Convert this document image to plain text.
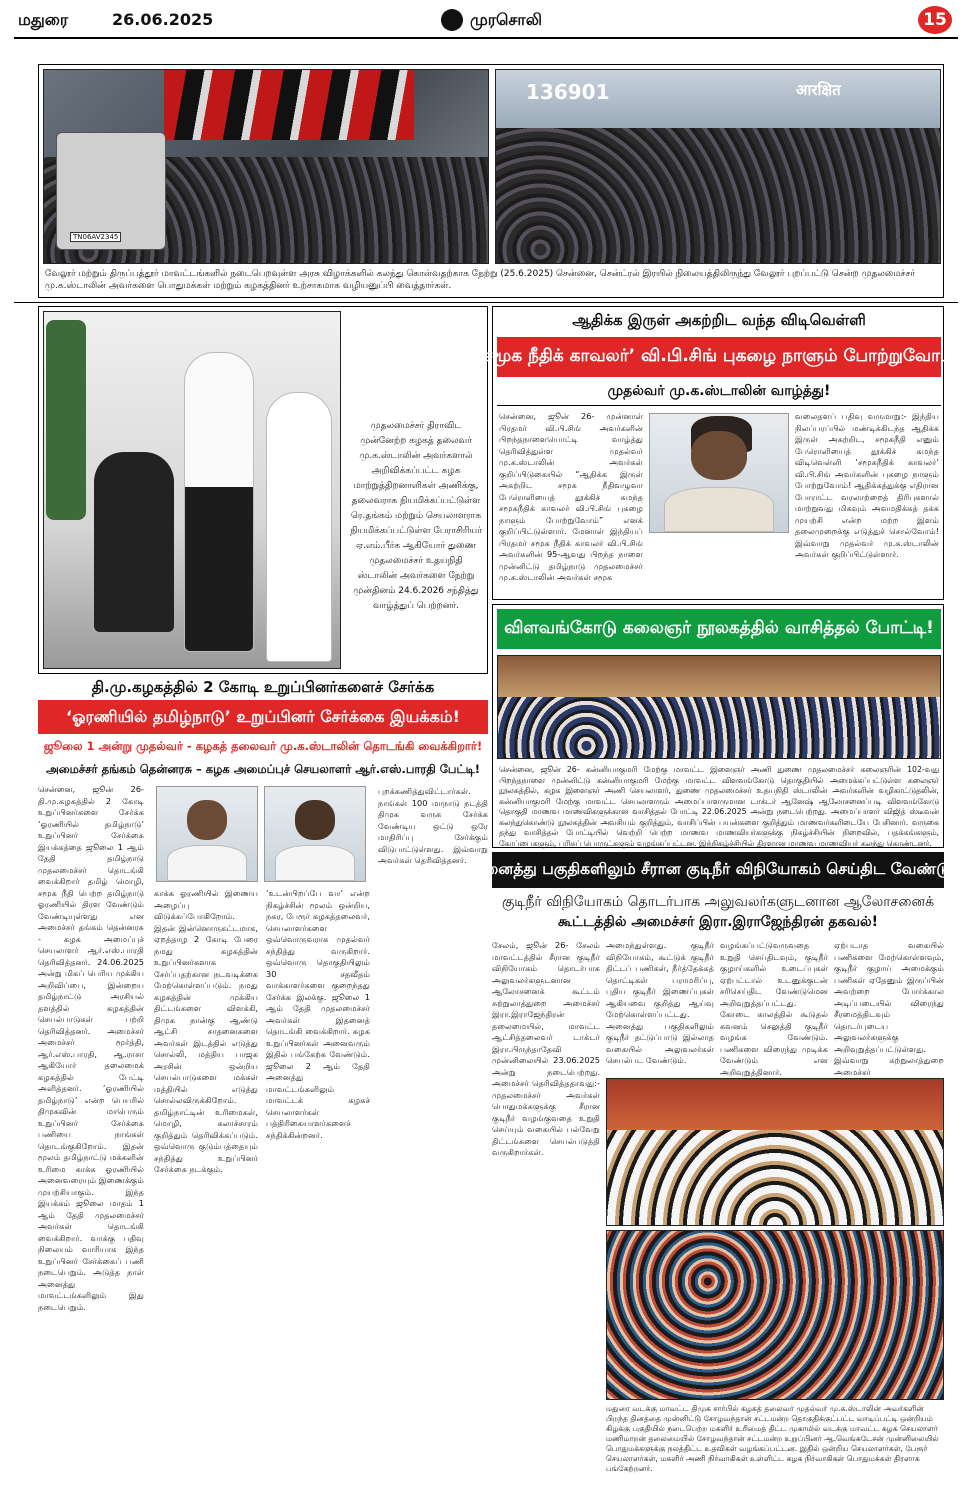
மதுரை	26.06.2025	முரசொலி	15
TN06AV2345
136901	आरक्षित

வேலூர் மற்றும் திருப்பத்தூர் மாவட்டங்களில் நடைபெறவுள்ள அரசு விழாக்களில் கலந்து கொள்வதற்காக நேற்று (25.6.2025) சென்னை, சென்ட்ரல் இரயில் நிலையத்திலிருந்து வேலூர் புறப்பட்டு சென்ற முதலமைச்சர் மு.க.ஸ்டாலின் அவர்களை பொதுமக்கள் மற்றும் கழகத்தினர் உற்சாகமாக வழியனுப்பி வைத்தார்கள்.

முதலமைச்சர் திராவிட முன்னேற்ற கழகத் தலைவர் மு.க.ஸ்டாலின் அவர்களால் அறிவிக்கப்பட்ட கழக மாற்றுத்திறனாளிகள் அணிக்கு, தலைவராக நியமிக்கப்பட்டுள்ள ரெ.தங்கம் மற்றும் செயலாளராக நியமிக்கப்பட்டுள்ள பேராசிரியர் ஏ.எம்.பீர்க ஆகியோர் துணை முதலமைச்சர் உதயநிதி ஸ்டாலின் அவர்களை நேற்று முன்தினம் 24.6.2026 சந்தித்து வாழ்த்துப் பெற்றனர்.

ஆதிக்க இருள் அகற்றிட வந்த விடிவெள்ளி
‘சமூக நீதிக் காவலர்’ வி.பி.சிங் புகழை நாளும் போற்றுவோம்!
முதல்வர் மு.க.ஸ்டாலின் வாழ்த்து!

சென்னை, ஜூன் 26- முன்னாள் பிரதமர் வி.பி.சிங் அவர்களின் பிறந்தநாளையொட்டி வாழ்த்து தெரிவித்துள்ள முதல்வர் மு.க.ஸ்டாலின் அவர்கள் குறிப்பிடுகையில் “ஆதிக்க இருள் அகற்றிட சமூக நீதிவழுவா பேரொளியைத் தூக்கிச் சுமந்த சமூகநீதிக் காவலர் வி.பி.சிங் புகழை நாளும் போற்றுவோம்” எனக் குறிப்பிட்டுள்ளார். மேனாள் இந்தியப் பிரதமர் சமூக நீதிக் காவலர் வி.பி.சிங் அவர்களின் 95-ஆவது பிறந்த நாளை முன்னிட்டு தமிழ்நாடு முதலமைச்சர் மு.க.ஸ்டாலின் அவர்கள் சமூக

வலைதளப் பதிவு வருமாறு:- இந்திய நிலப்பரப்பில் மண்டிக்கிடந்த ஆதிக்க இருள் அகற்றிட, சமூகநீதி எனும் பேரொளியைத் தூக்கிச் சுமந்த விடிவெள்ளி ‘சமூகநீதிக் காவலர்’ வி.பி.சிங் அவர்களின் புகழை நாளும் போற்றுவோம்! ஆதிக்கத்துக்கு எதிரான போராட்ட வரலாற்றைத் திரிபுகளால் மாற்றுவது மிகவும் அவமதிக்கத் தக்க முயற்சி என்ற மற்ற இளம் தலைமுறைக்கு எடுத்துச் சொல்வோம்! இவ்வாறு முதல்வர் மு.க.ஸ்டாலின் அவர்கள் குறிப்பிட்டுள்ளார்.

விளவங்கோடு கலைஞர் நூலகத்தில் வாசித்தல் போட்டி!

சென்னை, ஜூன் 26- கன்னியாகுமரி மேற்கு மாவட்ட இளைஞர் அணி துணை முதலமைச்சர் கலைஞரின் 102-வது பிறந்தநாளை முன்னிட்டு கன்னியாகுமரி மேற்கு மாவட்ட விளவங்கோடு தொகுதியில் அமைக்கப்பட்டுள்ள கலைஞர் நூலகத்தில், கழக இளைஞர் அணி செயலாளர், துணை முதலமைச்சர் உதயநிதி ஸ்டாலின் அவர்களின் வழிகாட்டுதலின், கன்னியாகுமரி மேற்கு மாவட்ட செயலாளரும் அமைப்பாளருமான டாக்டர் ஆனேஷ் ஆலோசனைப்படி விளவங்கோடு தொகுதி மாணவ மாணவிகளுக்கான வாசித்தல் போட்டி 22.06.2025 அன்று நடைபெற்றது. அமைப்பாளர் விஜித் ஸ்டீவன் கலந்துகொண்டு நூலகத்தின் அவசியம் குறித்தும், வாசிப்பின் பயன்களை குறித்தும் மாணவர்களிடையே பேசினார். வருகை தந்து வாசித்தல் போட்டியில் வெற்றி பெற்ற மாணவ மாணவியர்களுக்கு நிகழ்ச்சியின் நிறைவில், பதக்கங்களும், கோப்பைகளும், பரிசுப் பொருட்களும் வழங்கப்பட்டன. இந்நிகழ்ச்சியில் திரளான மாணவ மாணவியர் கலந்து கொண்டனர்.

தி.மு.கழகத்தில் 2 கோடி உறுப்பினர்களைச் சேர்க்க
‘ஓரணியில் தமிழ்நாடு’ உறுப்பினர் சேர்க்கை இயக்கம்!
ஜூலை 1 அன்று முதல்வர் - கழகத் தலைவர் மு.க.ஸ்டாலின் தொடங்கி வைக்கிறார்!
அமைச்சர் தங்கம் தென்னரசு – கழக அமைப்புச் செயலாளர் ஆர்.எஸ்.பாரதி பேட்டி!

சென்னை, ஜூன் 26- தி.மு.கழகத்தில் 2 கோடி உறுப்பினர்களை சேர்க்க ‘ஓரணியில் தமிழ்நாடு’ உறுப்பினர் சேர்க்கை இயக்கத்தை ஜூலை 1 ஆம் தேதி தமிழ்நாடு முதலமைச்சர் தொடங்கி வைக்கிறார் தமிழ் மொழி, சமூக நீதி பெற்ற தமிழ்நாடு ஓரணியில் திரள வேண்டும் வேண்டியுள்ளது என அமைச்சர் தங்கம் தென்னரசு - கழக அமைப்புச் செயலாளர் ஆர்.எஸ்.பாரதி தெரிவித்தனர். 24.06.2025 அன்று மிகப் பெரிய முக்கிய அறிவிப்பை, இன்றைய தமிழ்நாட்டு அரசியல் தளத்தில் கழகத்தின் செயல்பாடுகள் பற்றி தெரிவித்தனர். அமைச்சர் அமைச்சர் மூர்த்தி, ஆர்.எஸ்.பாரதி, ஆ.ராசா ஆகியோர் தலைமைக் கழகத்தில் பேட்டி அளித்தனர். ‘ஓரணியில் தமிழ்நாடு’ என்ற பெயரில் திமுகவின் மாபெரும் உறுப்பினர் சேர்க்கை பணியை நாங்கள் தொடங்குகிறோம். இதன் மூலம் தமிழ்நாட்டு மக்களின் உரிமை காக்க ஓரணியில் அனைவரையும் இணைக்கும் முயற்சியாகும். இந்த இயக்கம் ஜூலை மாதம் 1 ஆம் தேதி முதலமைச்சர் அவர்கள் தொடங்கி வைக்கிறார். வாக்கு பதிவு நிலையம் வாரியாக இந்த உறுப்பினர் சேர்க்கைப் பணி நடைபெறும். அடுத்த நாள் அனைத்து மாவட்டங்களிலும் இது நடைபெறும்.

காக்க ஓரணியில் இணைய அழைப்பு விடுக்கப்போகிறோம். இதன் இன்னொருகட்டமாக, ஏறத்தாழ 2 கோடி பேரை நமது கழகத்தின் உறுப்பினர்களாக சேர்ப்பதற்கான நடவடிக்கை மேற்கொள்ளப்படும். நமது கழகத்தின் முக்கிய திட்டங்களை விளக்கி, திமுக நான்கு ஆண்டு ஆட்சி சாதனைகளை அவர்கள் இடத்தில் எடுத்து சொல்லி, மத்திய பாஜக அரசின் ஒன்றிய செயல்பாடுகளை மக்கள் மத்தியில் எடுத்து சொல்லவிருக்கிறோம். தமிழ்நாட்டின் உரிமைகள், மொழி, கலாச்சாரம் குறித்தும் தெரிவிக்கப்படும். ஒவ்வொரு குடும்பத்தையும் சந்தித்து உறுப்பினர் சேர்க்கை நடக்கும்.

‘உடன்பிறப்பே வா’ என்ற நிகழ்ச்சின் மூலம் ஒன்றிய, நகர, பேரூர் கழகத்தலைவர், செயலாளர்களை ஒவ்வொருவராக முதல்வர் சந்தித்து வருகிறார். ஒவ்வொரு தொகுதியிலும் 30 சதவீதம் வாக்காளர்களை குறைந்தது சேர்க்க இலக்கு. ஜூலை 1 ஆம் தேதி முதலமைச்சர் அவர்கள் இதனைத் தொடங்கி வைக்கிறார். கழக உறுப்பினர்கள் அனைவரும் இதில் பங்கேற்க வேண்டும். ஜூலை 2 ஆம் தேதி அனைத்து மாவட்டங்களிலும் மாவட்டக் கழகச் செயலாளர்கள் பத்திரிகையாளர்களைச் சந்திக்கின்றனர்.

புறக்கணித்துவிட்டார்கள். நாங்கள் 100 மாநாடு நடத்தி திமுக வருக சேர்க்க வேண்டிய ஒட்டு ஒரே மாதிரிப்பு சேர்க்கும் விடுபாட்டுள்ளது. இவ்வாறு அவர்கள் தெரிவித்தனர். அனைத்து பகுதிகளிலும் சீரான குடிநீர் விநியோகம் செய்திட வேண்டும்!
குடிநீர் விநியோகம் தொடர்பாக அலுவலர்களுடனான ஆலோசனைக்
கூட்டத்தில் அமைச்சர் இரா.இராஜேந்திரன் தகவல்!

சேலம், ஜூன் 26- சேலம் மாவட்டத்தில் சீரான குடிநீர் விநியோகம் தொடர்பாக அலுவலர்களுடனான ஆலோசனைக் கூட்டம் சுற்றுலாத்துறை அமைச்சர் இரா.இராஜேந்திரன் தலைமையில், மாவட்ட ஆட்சித்தலைவர் டாக்டர் இரா.பிருந்தாதேவி முன்னிலையில் 23.06.2025 அன்று நடைபெற்றது. அமைச்சர் தெரிவித்ததாவது:- முதலமைச்சர் அவர்கள் பொதுமக்களுக்கு சீரான குடிநீர் வழங்குவதை உறுதி செய்யும் வகையில் பல்வேறு திட்டங்களை செயல்படுத்தி வருகிறார்கள்.

அமைந்துள்ளது. குடிநீர் விநியோகம், கூட்டுக் குடிநீர் திட்டப் பணிகள், நீர்த்தேக்கத் தொட்டிகள் பராமரிப்பு, புதிய குடிநீர் இணைப்புகள் ஆகியவை குறித்து ஆய்வு மேற்கொள்ளப்பட்டது. அனைத்து பகுதிகளிலும் குடிநீர் தட்டுப்பாடு இல்லாத வகையில் அலுவலர்கள் செயல்பட வேண்டும்.

வழங்கப்பட்டுவருவதை உறுதி செய்திடவும், குடிநீர் குழாய்களில் உடைப்புகள் ஏற்பட்டால் உடனுக்குடன் சரிசெய்திட வேண்டுமென அறிவுறுத்தப்பட்டது. கோடை காலத்தில் கூடுதல் கவனம் செலுத்தி குடிநீர் வழங்க வேண்டும். பணிகளை விரைந்து முடிக்க வேண்டும் என அறிவுறுத்தினார்.

ஏற்படாத வகையில் பணிகளை மேற்கொள்ளவும், குடிநீர் குழாய் அமைக்கும் பணிகள் ஏதேனும் இருப்பின் அவற்றை போர்க்கால அடிப்படையில் விரைந்து சீரமைத்திடவும் தொடர்புடைய அலுவலர்களுக்கு அறிவுறுத்தப்பட்டுள்ளது. இவ்வாறு சுற்றுலாத்துறை அமைச்சர்

மதுரை வடக்கு மாவட்ட திமுக சார்பில் கழகத் தலைவர் முதல்வர் மு.க.ஸ்டாலின் அவர்களின் பிறந்த தினத்தை முன்னிட்டு சோழவந்தான் சட்டமன்ற தொகுதிக்குட்பட்ட வாடிப்பட்டி ஒன்றியம் கிழக்கு பகுதியில் நடைபெற்ற மகளிர் உரிமைத் திட்ட முகாமில் வடக்கு மாவட்ட கழக செயலாளர் மணிமாறன் தலைமையில் சோழவந்தான் சட்டமன்ற உறுப்பினர் ஆ.வெங்கடேசன் முன்னிலையில் பொதுமக்களுக்கு நலத்திட்ட உதவிகள் வழங்கப்பட்டன. இதில் ஒன்றிய செயலாளர்கள், பேரூர் செயலாளர்கள், மகளிர் அணி நிர்வாகிகள் உள்ளிட்ட கழக நிர்வாகிகள் பொதுமக்கள் திரளாக பங்கேற்றனர்.
